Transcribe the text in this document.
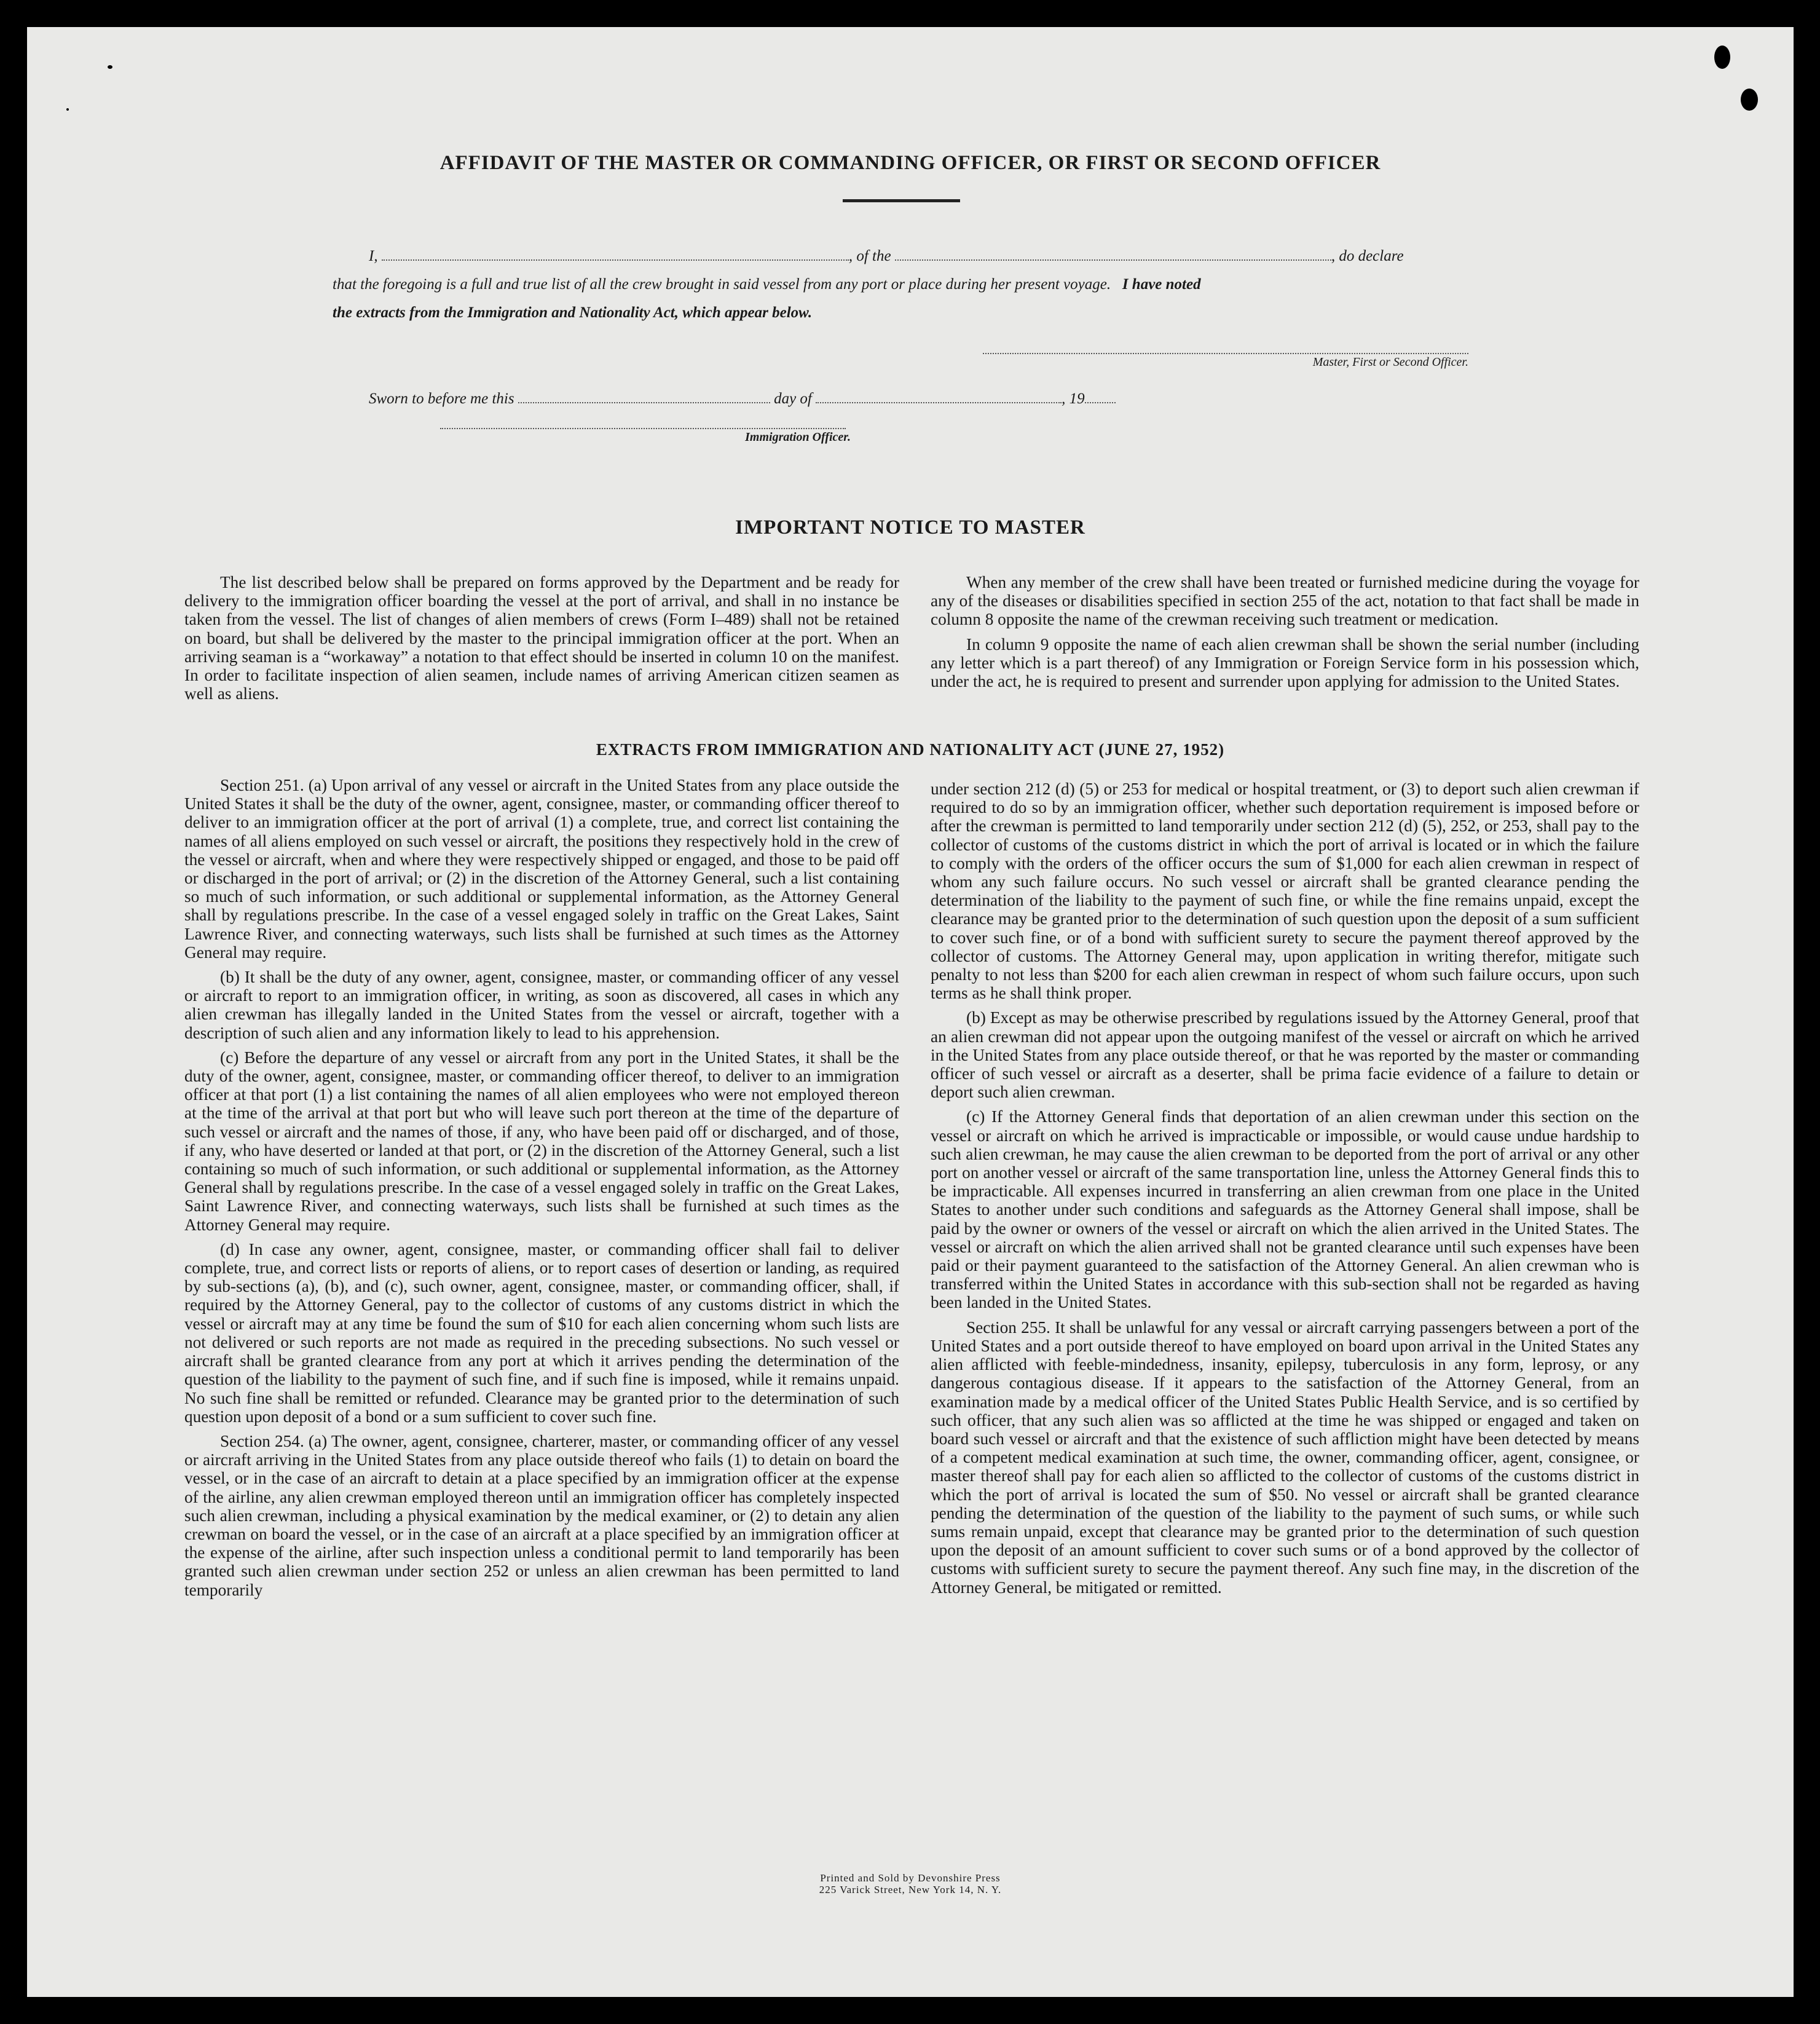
AFFIDAVIT OF THE MASTER OR COMMANDING OFFICER, OR FIRST OR SECOND OFFICER
I,	, of the	, do declare
that the foregoing is a full and true list of all the crew brought in said vessel from any port or place during her present voyage. I have noted
the extracts from the Immigration and Nationality Act, which appear below.
Master, First or Second Officer.
Sworn to before me this	day of	, 19
Immigration Officer.
IMPORTANT NOTICE TO MASTER

The list described below shall be prepared on forms approved by the Department and be ready for delivery to the immigration officer boarding the vessel at the port of arrival, and shall in no instance be taken from the vessel. The list of changes of alien members of crews (Form I–489) shall not be retained on board, but shall be delivered by the master to the principal immigration officer at the port. When an arriving seaman is a “workaway” a notation to that effect should be inserted in column 10 on the manifest. In order to facilitate inspection of alien seamen, include names of arriving American citizen seamen as well as aliens.

When any member of the crew shall have been treated or furnished medicine during the voyage for any of the diseases or disabilities specified in section 255 of the act, notation to that fact shall be made in column 8 opposite the name of the crewman receiving such treatment or medication.

In column 9 opposite the name of each alien crewman shall be shown the serial number (including any letter which is a part thereof) of any Immigration or Foreign Service form in his possession which, under the act, he is required to present and surrender upon applying for admission to the United States.

EXTRACTS FROM IMMIGRATION AND NATIONALITY ACT (JUNE 27, 1952)

Section 251. (a) Upon arrival of any vessel or aircraft in the United States from any place outside the United States it shall be the duty of the owner, agent, consignee, master, or commanding officer thereof to deliver to an immigration officer at the port of arrival (1) a complete, true, and correct list containing the names of all aliens employed on such vessel or aircraft, the positions they respectively hold in the crew of the vessel or aircraft, when and where they were respectively shipped or engaged, and those to be paid off or discharged in the port of arrival; or (2) in the discretion of the Attorney General, such a list containing so much of such information, or such additional or supplemental information, as the Attorney General shall by regulations prescribe. In the case of a vessel engaged solely in traffic on the Great Lakes, Saint Lawrence River, and connecting waterways, such lists shall be furnished at such times as the Attorney General may require.

(b) It shall be the duty of any owner, agent, consignee, master, or commanding officer of any vessel or aircraft to report to an immigration officer, in writing, as soon as discovered, all cases in which any alien crewman has illegally landed in the United States from the vessel or aircraft, together with a description of such alien and any information likely to lead to his apprehension.

(c) Before the departure of any vessel or aircraft from any port in the United States, it shall be the duty of the owner, agent, consignee, master, or commanding officer thereof, to deliver to an immigration officer at that port (1) a list containing the names of all alien employees who were not employed thereon at the time of the arrival at that port but who will leave such port thereon at the time of the departure of such vessel or aircraft and the names of those, if any, who have been paid off or discharged, and of those, if any, who have deserted or landed at that port, or (2) in the discretion of the Attorney General, such a list containing so much of such information, or such additional or supplemental information, as the Attorney General shall by regulations prescribe. In the case of a vessel engaged solely in traffic on the Great Lakes, Saint Lawrence River, and connecting waterways, such lists shall be furnished at such times as the Attorney General may require.

(d) In case any owner, agent, consignee, master, or commanding officer shall fail to deliver complete, true, and correct lists or reports of aliens, or to report cases of desertion or landing, as required by sub-sections (a), (b), and (c), such owner, agent, consignee, master, or commanding officer, shall, if required by the Attorney General, pay to the collector of customs of any customs district in which the vessel or aircraft may at any time be found the sum of $10 for each alien concerning whom such lists are not delivered or such reports are not made as required in the preceding subsections. No such vessel or aircraft shall be granted clearance from any port at which it arrives pending the determination of the question of the liability to the payment of such fine, and if such fine is imposed, while it remains unpaid. No such fine shall be remitted or refunded. Clearance may be granted prior to the determination of such question upon deposit of a bond or a sum sufficient to cover such fine.

Section 254. (a) The owner, agent, consignee, charterer, master, or commanding officer of any vessel or aircraft arriving in the United States from any place outside thereof who fails (1) to detain on board the vessel, or in the case of an aircraft to detain at a place specified by an immigration officer at the expense of the airline, any alien crewman employed thereon until an immigration officer has completely inspected such alien crewman, including a physical examination by the medical examiner, or (2) to detain any alien crewman on board the vessel, or in the case of an aircraft at a place specified by an immigration officer at the expense of the airline, after such inspection unless a conditional permit to land temporarily has been granted such alien crewman under section 252 or unless an alien crewman has been permitted to land temporarily

under section 212 (d) (5) or 253 for medical or hospital treatment, or (3) to deport such alien crewman if required to do so by an immigration officer, whether such deportation requirement is imposed before or after the crewman is permitted to land temporarily under section 212 (d) (5), 252, or 253, shall pay to the collector of customs of the customs district in which the port of arrival is located or in which the failure to comply with the orders of the officer occurs the sum of $1,000 for each alien crewman in respect of whom any such failure occurs. No such vessel or aircraft shall be granted clearance pending the determination of the liability to the payment of such fine, or while the fine remains unpaid, except the clearance may be granted prior to the determination of such question upon the deposit of a sum sufficient to cover such fine, or of a bond with sufficient surety to secure the payment thereof approved by the collector of customs. The Attorney General may, upon application in writing therefor, mitigate such penalty to not less than $200 for each alien crewman in respect of whom such failure occurs, upon such terms as he shall think proper.

(b) Except as may be otherwise prescribed by regulations issued by the Attorney General, proof that an alien crewman did not appear upon the outgoing manifest of the vessel or aircraft on which he arrived in the United States from any place outside thereof, or that he was reported by the master or commanding officer of such vessel or aircraft as a deserter, shall be prima facie evidence of a failure to detain or deport such alien crewman.

(c) If the Attorney General finds that deportation of an alien crewman under this section on the vessel or aircraft on which he arrived is impracticable or impossible, or would cause undue hardship to such alien crewman, he may cause the alien crewman to be deported from the port of arrival or any other port on another vessel or aircraft of the same transportation line, unless the Attorney General finds this to be impracticable. All expenses incurred in transferring an alien crewman from one place in the United States to another under such conditions and safeguards as the Attorney General shall impose, shall be paid by the owner or owners of the vessel or aircraft on which the alien arrived in the United States. The vessel or aircraft on which the alien arrived shall not be granted clearance until such expenses have been paid or their payment guaranteed to the satisfaction of the Attorney General. An alien crewman who is transferred within the United States in accordance with this sub-section shall not be regarded as having been landed in the United States.

Section 255. It shall be unlawful for any vessal or aircraft carrying passengers between a port of the United States and a port outside thereof to have employed on board upon arrival in the United States any alien afflicted with feeble-mindedness, insanity, epilepsy, tuberculosis in any form, leprosy, or any dangerous contagious disease. If it appears to the satisfaction of the Attorney General, from an examination made by a medical officer of the United States Public Health Service, and is so certified by such officer, that any such alien was so afflicted at the time he was shipped or engaged and taken on board such vessel or aircraft and that the existence of such affliction might have been detected by means of a competent medical examination at such time, the owner, commanding officer, agent, consignee, or master thereof shall pay for each alien so afflicted to the collector of customs of the customs district in which the port of arrival is located the sum of $50. No vessel or aircraft shall be granted clearance pending the determination of the question of the liability to the payment of such sums, or while such sums remain unpaid, except that clearance may be granted prior to the determination of such question upon the deposit of an amount sufficient to cover such sums or of a bond approved by the collector of customs with sufficient surety to secure the payment thereof. Any such fine may, in the discretion of the Attorney General, be mitigated or remitted.

Printed and Sold by Devonshire Press
225 Varick Street, New York 14, N. Y.
